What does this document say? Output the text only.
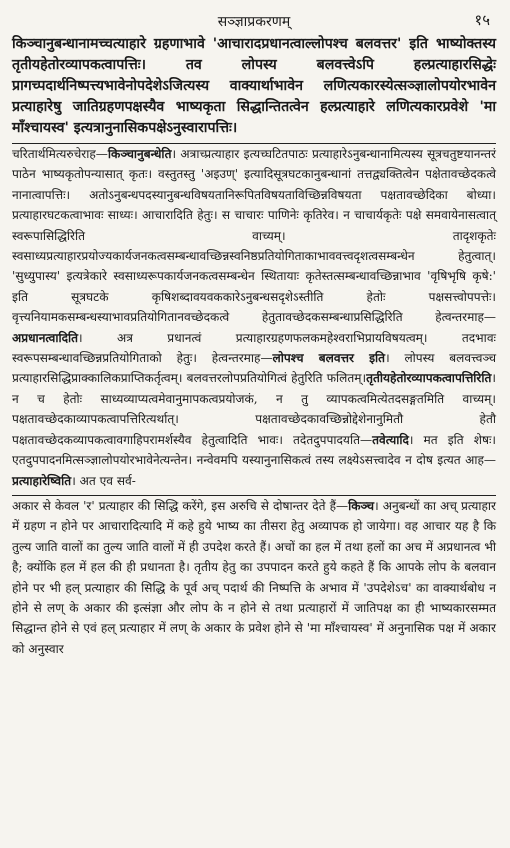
सञ्ज्ञाप्रकरणम्	१५

किञ्चानुबन्धानामच्चत्याहारे ग्रहणाभावे 'आचारादप्रधानत्वाल्लोपश्च बलवत्तर' इति भाष्योक्तस्य तृतीयहेतोरव्यापकत्वापत्तिः। तव लोपस्य बलवत्त्वेऽपि हल्प्रत्याहारसिद्धेः प्रागच्पदार्थनिष्पत्त्यभावेनोपदेशेऽजित्यस्य वाक्यार्थाभावेन लणित्यकारस्येत्सञ्ज्ञालोपयोरभावेन प्रत्याहारेषु जातिग्रहणपक्षस्यैव भाष्यकृता सिद्धान्तितत्वेन हल्प्रत्याहारे लणित्यकारप्रवेशे 'मा माँश्चायस्व' इत्यत्रानुनासिकपक्षेऽनुस्वारापत्तिः।

चरितार्थमित्यरुचेराह—किञ्चानुबन्धेति। अत्राच्प्रत्याहार इत्यच्घटितपाठः प्रत्याहारेऽनुबन्धानामित्यस्य सूत्रचतुष्टयानन्तरं पाठेन भाष्यकृतोपन्यासात् कृतः। वस्तुतस्तु 'अइउण्' इत्यादिसूत्रघटकानुबन्धानां तत्तद्व्यक्तित्वेन पक्षेतावच्छेदकत्वे नानात्वापत्तिः। अतोऽनुबन्धपदस्यानुबन्धविषयतानिरूपितविषयताविच्छिन्नविषयता पक्षतावच्छेदिका बोध्या। प्रत्याहारघटकत्वाभावः साध्यः। आचारादिति हेतुः। स चाचारः पाणिनेः कृतिरेव। न चाचार्यकृतेः पक्षे समवायेनासत्वात् स्वरूपासिद्धिरिति वाच्यम्। तादृशकृतेः स्वसाध्यप्रत्याहारप्रयोज्यकार्यजनकत्वसम्बन्धावच्छिन्नस्वनिष्ठप्रतियोगिताकाभाववत्त्वदृशत्वसम्बन्धेन हेतुत्वात्। 'सुध्युपास्य' इत्यत्रेकारे स्वसाध्यरूपकार्यजनकत्वसम्बन्धेन स्थितायाः कृतेस्तत्सम्बन्धावच्छिन्नाभाव 'वृषिभृषि कृषे:' इति सूत्रघटके कृषिशब्दावयवककारेऽनुबन्धसदृशेऽस्तीति हेतोः पक्षसत्त्वोपपत्तेः। वृत्त्यनियामकसम्बन्धस्याभावप्रतियोगितानवच्छेदकत्वे हेतुतावच्छेदकसम्बन्धाप्रसिद्धिरिति हेत्वन्तरमाह—अप्रधानत्वादिति। अत्र प्रधानत्वं प्रत्याहारग्रहणफलकमहेश्वराभिप्रायविषयत्वम्। तदभावः स्वरूपसम्बन्धावच्छिन्नप्रतियोगिताको हेतुः। हेत्वन्तरमाह—लोपश्च बलवत्तर इति। लोपस्य बलवत्त्वञ्च प्रत्याहारसिद्धिप्राक्कालिकप्राप्तिकर्तृत्वम्। बलवत्तरलोपप्रतियोगित्वं हेतुरिति फलितम्।तृतीयहेतोरव्यापकत्वापत्तिरिति। न च हेतोः साध्यव्याप्यत्वमेवानुमापकत्वप्रयोजकं, न तु व्यापकत्वमित्येतदसङ्गतमिति वाच्यम्। पक्षतावच्छेदकाव्यापकत्वापत्तिरित्यर्थात्। पक्षतावच्छेदकावच्छिन्नोद्देशेनानुमितौ हेतौ पक्षतावच्छेदकव्यापकत्वावगाहिपरामर्शस्यैव हेतुत्वादिति भावः। तदेतदुपपादयति—तवेत्यादि। मत इति शेषः। एतदुपपादनमित्सञ्ज्ञालोपयोरभावेनेत्यन्तेन। नन्वेवमपि यस्यानुनासिकत्वं तस्य लक्ष्येऽसत्त्वादेव न दोष इत्यत आह—प्रत्याहारेष्विति। अत एव सर्व-

अकार से केवल 'र' प्रत्याहार की सिद्धि करेंगे, इस अरुचि से दोषान्तर देते हैं—किञ्च। अनुबन्धों का अच् प्रत्याहार में ग्रहण न होने पर आचारादित्यादि में कहे हुये भाष्य का तीसरा हेतु अव्यापक हो जायेगा। वह आचार यह है कि तुल्य जाति वालों का तुल्य जाति वालों में ही उपदेश करते हैं। अचों का हल में तथा हलों का अच में अप्रधानत्व भी है; क्योंकि हल में हल की ही प्रधानता है। तृतीय हेतु का उपपादन करते हुये कहते हैं कि आपके लोप के बलवान होने पर भी हल् प्रत्याहार की सिद्धि के पूर्व अच् पदार्थ की निष्पत्ति के अभाव में 'उपदेशेऽच' का वाक्यार्थबोध न होने से लण् के अकार की इत्संज्ञा और लोप के न होने से तथा प्रत्याहारों में जातिपक्ष का ही भाष्यकारसम्मत सिद्धान्त होने से एवं हल् प्रत्याहार में लण् के अकार के प्रवेश होने से 'मा माँश्चायस्व' में अनुनासिक पक्ष में अकार को अनुस्वार
